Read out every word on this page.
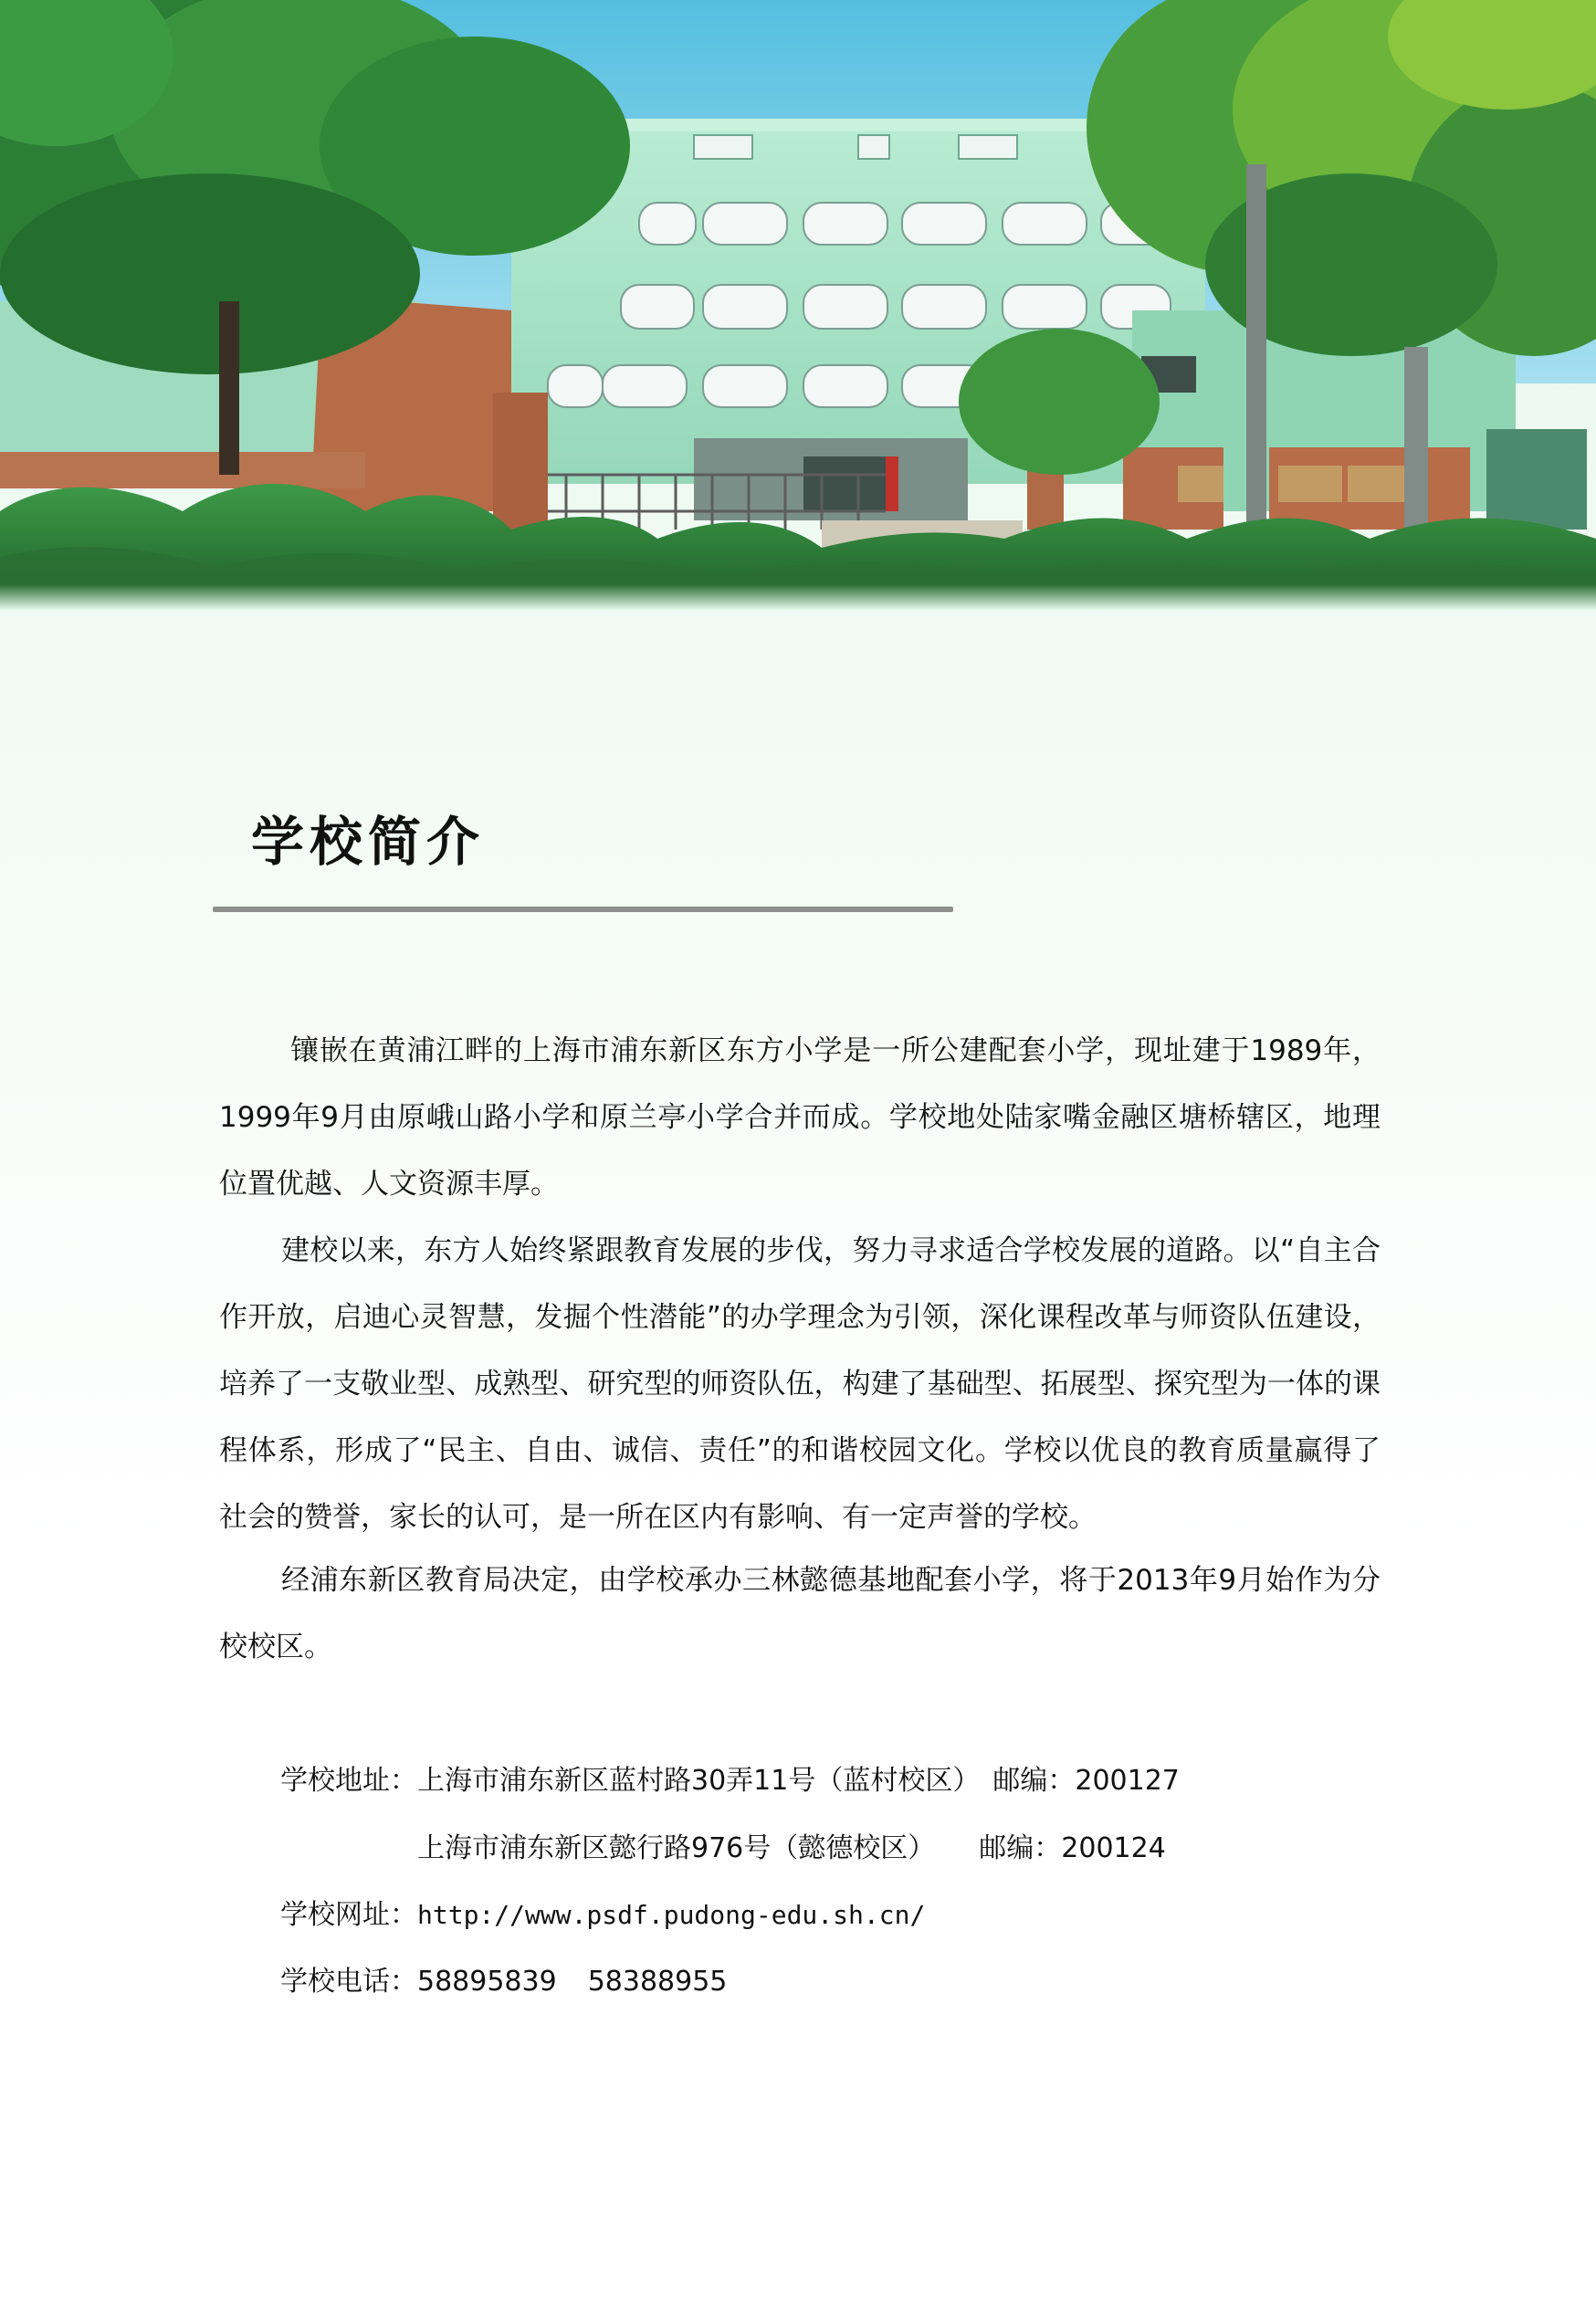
学校简介

镶嵌在黄浦江畔的上海市浦东新区东方小学是一所公建配套小学，现址建于1989年，1999年9月由原峨山路小学和原兰亭小学合并而成。学校地处陆家嘴金融区塘桥辖区，地理位置优越、人文资源丰厚。

建校以来，东方人始终紧跟教育发展的步伐，努力寻求适合学校发展的道路。以“自主合作开放，启迪心灵智慧，发掘个性潜能”的办学理念为引领，深化课程改革与师资队伍建设，培养了一支敬业型、成熟型、研究型的师资队伍，构建了基础型、拓展型、探究型为一体的课程体系，形成了“民主、自由、诚信、责任”的和谐校园文化。学校以优良的教育质量赢得了社会的赞誉，家长的认可，是一所在区内有影响、有一定声誉的学校。

经浦东新区教育局决定，由学校承办三林懿德基地配套小学，将于2013年9月始作为分校校区。

学校地址：上海市浦东新区蓝村路30弄11号（蓝村校区） 邮编：200127
上海市浦东新区懿行路976号（懿德校区） 邮编：200124
学校网址：http://www.psdf.pudong-edu.sh.cn/
学校电话：58895839 58388955
